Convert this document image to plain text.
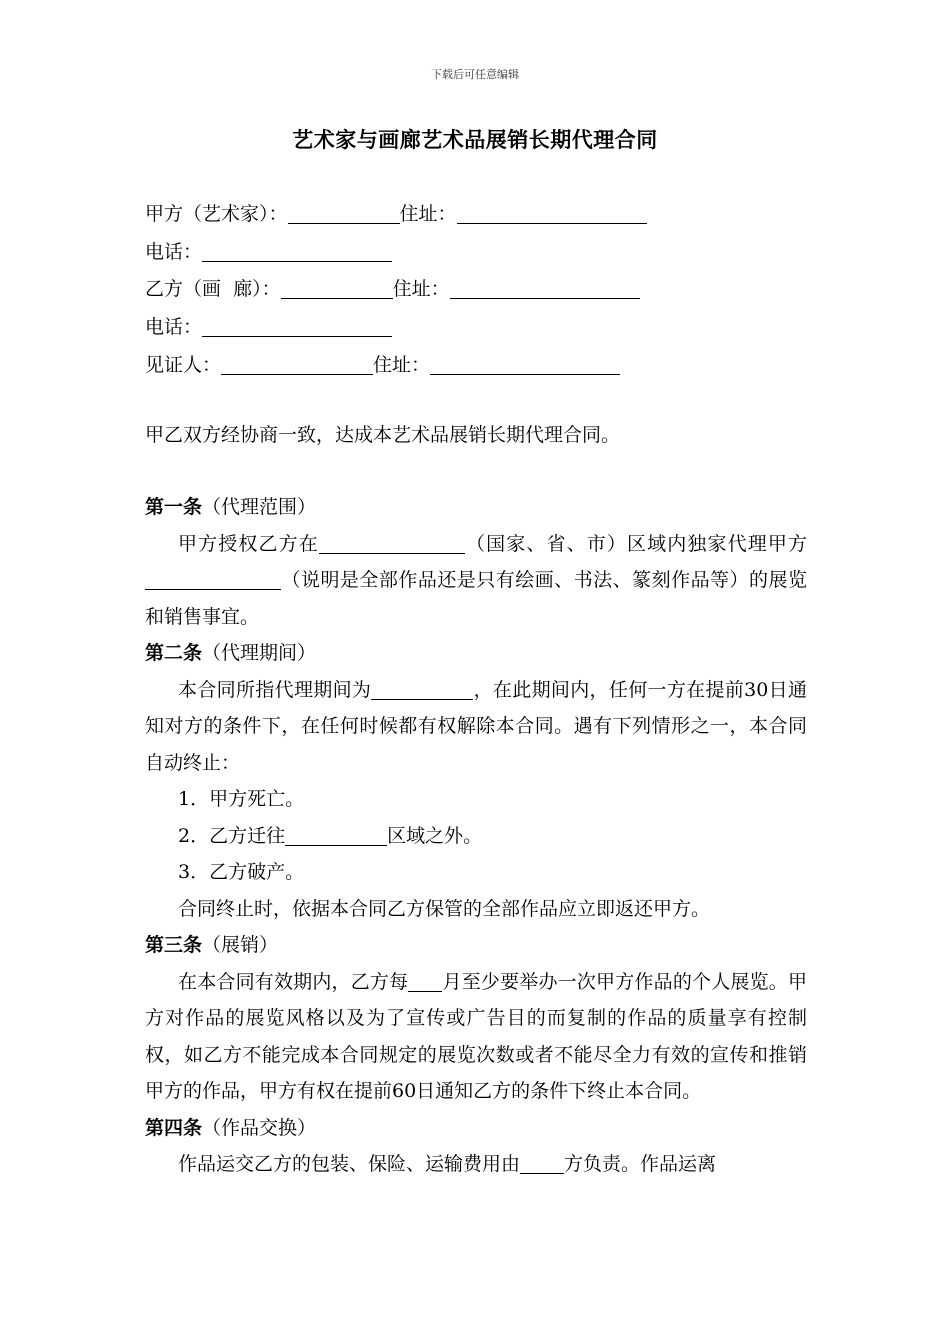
下载后可任意编辑
艺术家与画廊艺术品展销长期代理合同
甲方（艺术家）：	住址：
电话：
乙方（画  廊）：	住址：
电话：
见证人：	住址：
甲乙双方经协商一致，达成本艺术品展销长期代理合同。

第一条（代理范围）

甲方授权乙方在	（国家、省、市）区域内独家代理甲方（说明是全部作品还是只有绘画、书法、篆刻作品等）的展览和销售事宜。

第二条（代理期间）

本合同所指代理期间为	，在此期间内，任何一方在提前30日通知对方的条件下，在任何时候都有权解除本合同。遇有下列情形之一，本合同自动终止：

1．甲方死亡。

2．乙方迁往	区域之外。

3．乙方破产。

合同终止时，依据本合同乙方保管的全部作品应立即返还甲方。

第三条（展销）

在本合同有效期内，乙方每 月至少要举办一次甲方作品的个人展览。甲方对作品的展览风格以及为了宣传或广告目的而复制的作品的质量享有控制权，如乙方不能完成本合同规定的展览次数或者不能尽全力有效的宣传和推销甲方的作品，甲方有权在提前60日通知乙方的条件下终止本合同。

第四条（作品交换）

作品运交乙方的包装、保险、运输费用由 方负责。作品运离
